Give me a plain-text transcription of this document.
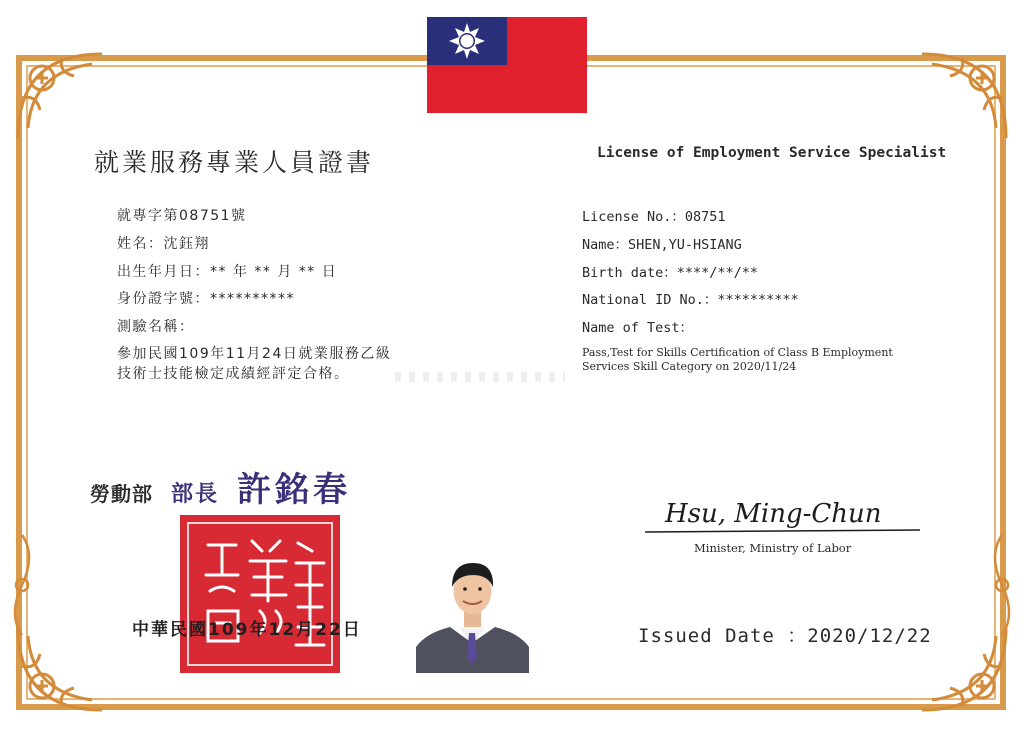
就業服務專業人員證書	License of Employment Service Specialist
就專字第08751號
姓名：沈鈺翔
出生年月日：** 年 ** 月 ** 日
身份證字號：**********
測驗名稱：
參加民國109年11月24日就業服務乙級
技術士技能檢定成績經評定合格。
License No.：08751
Name：SHEN,YU-HSIANG
Birth date：****/**/**
National ID No.：**********
Name of Test：
Pass,Test for Skills Certification of Class B Employment
Services Skill Category on 2020/11/24
勞動部 部長 許銘春
中華民國109年12月22日
Hsu, Ming-Chun
Minister, Ministry of Labor
Issued Date ：2020/12/22
